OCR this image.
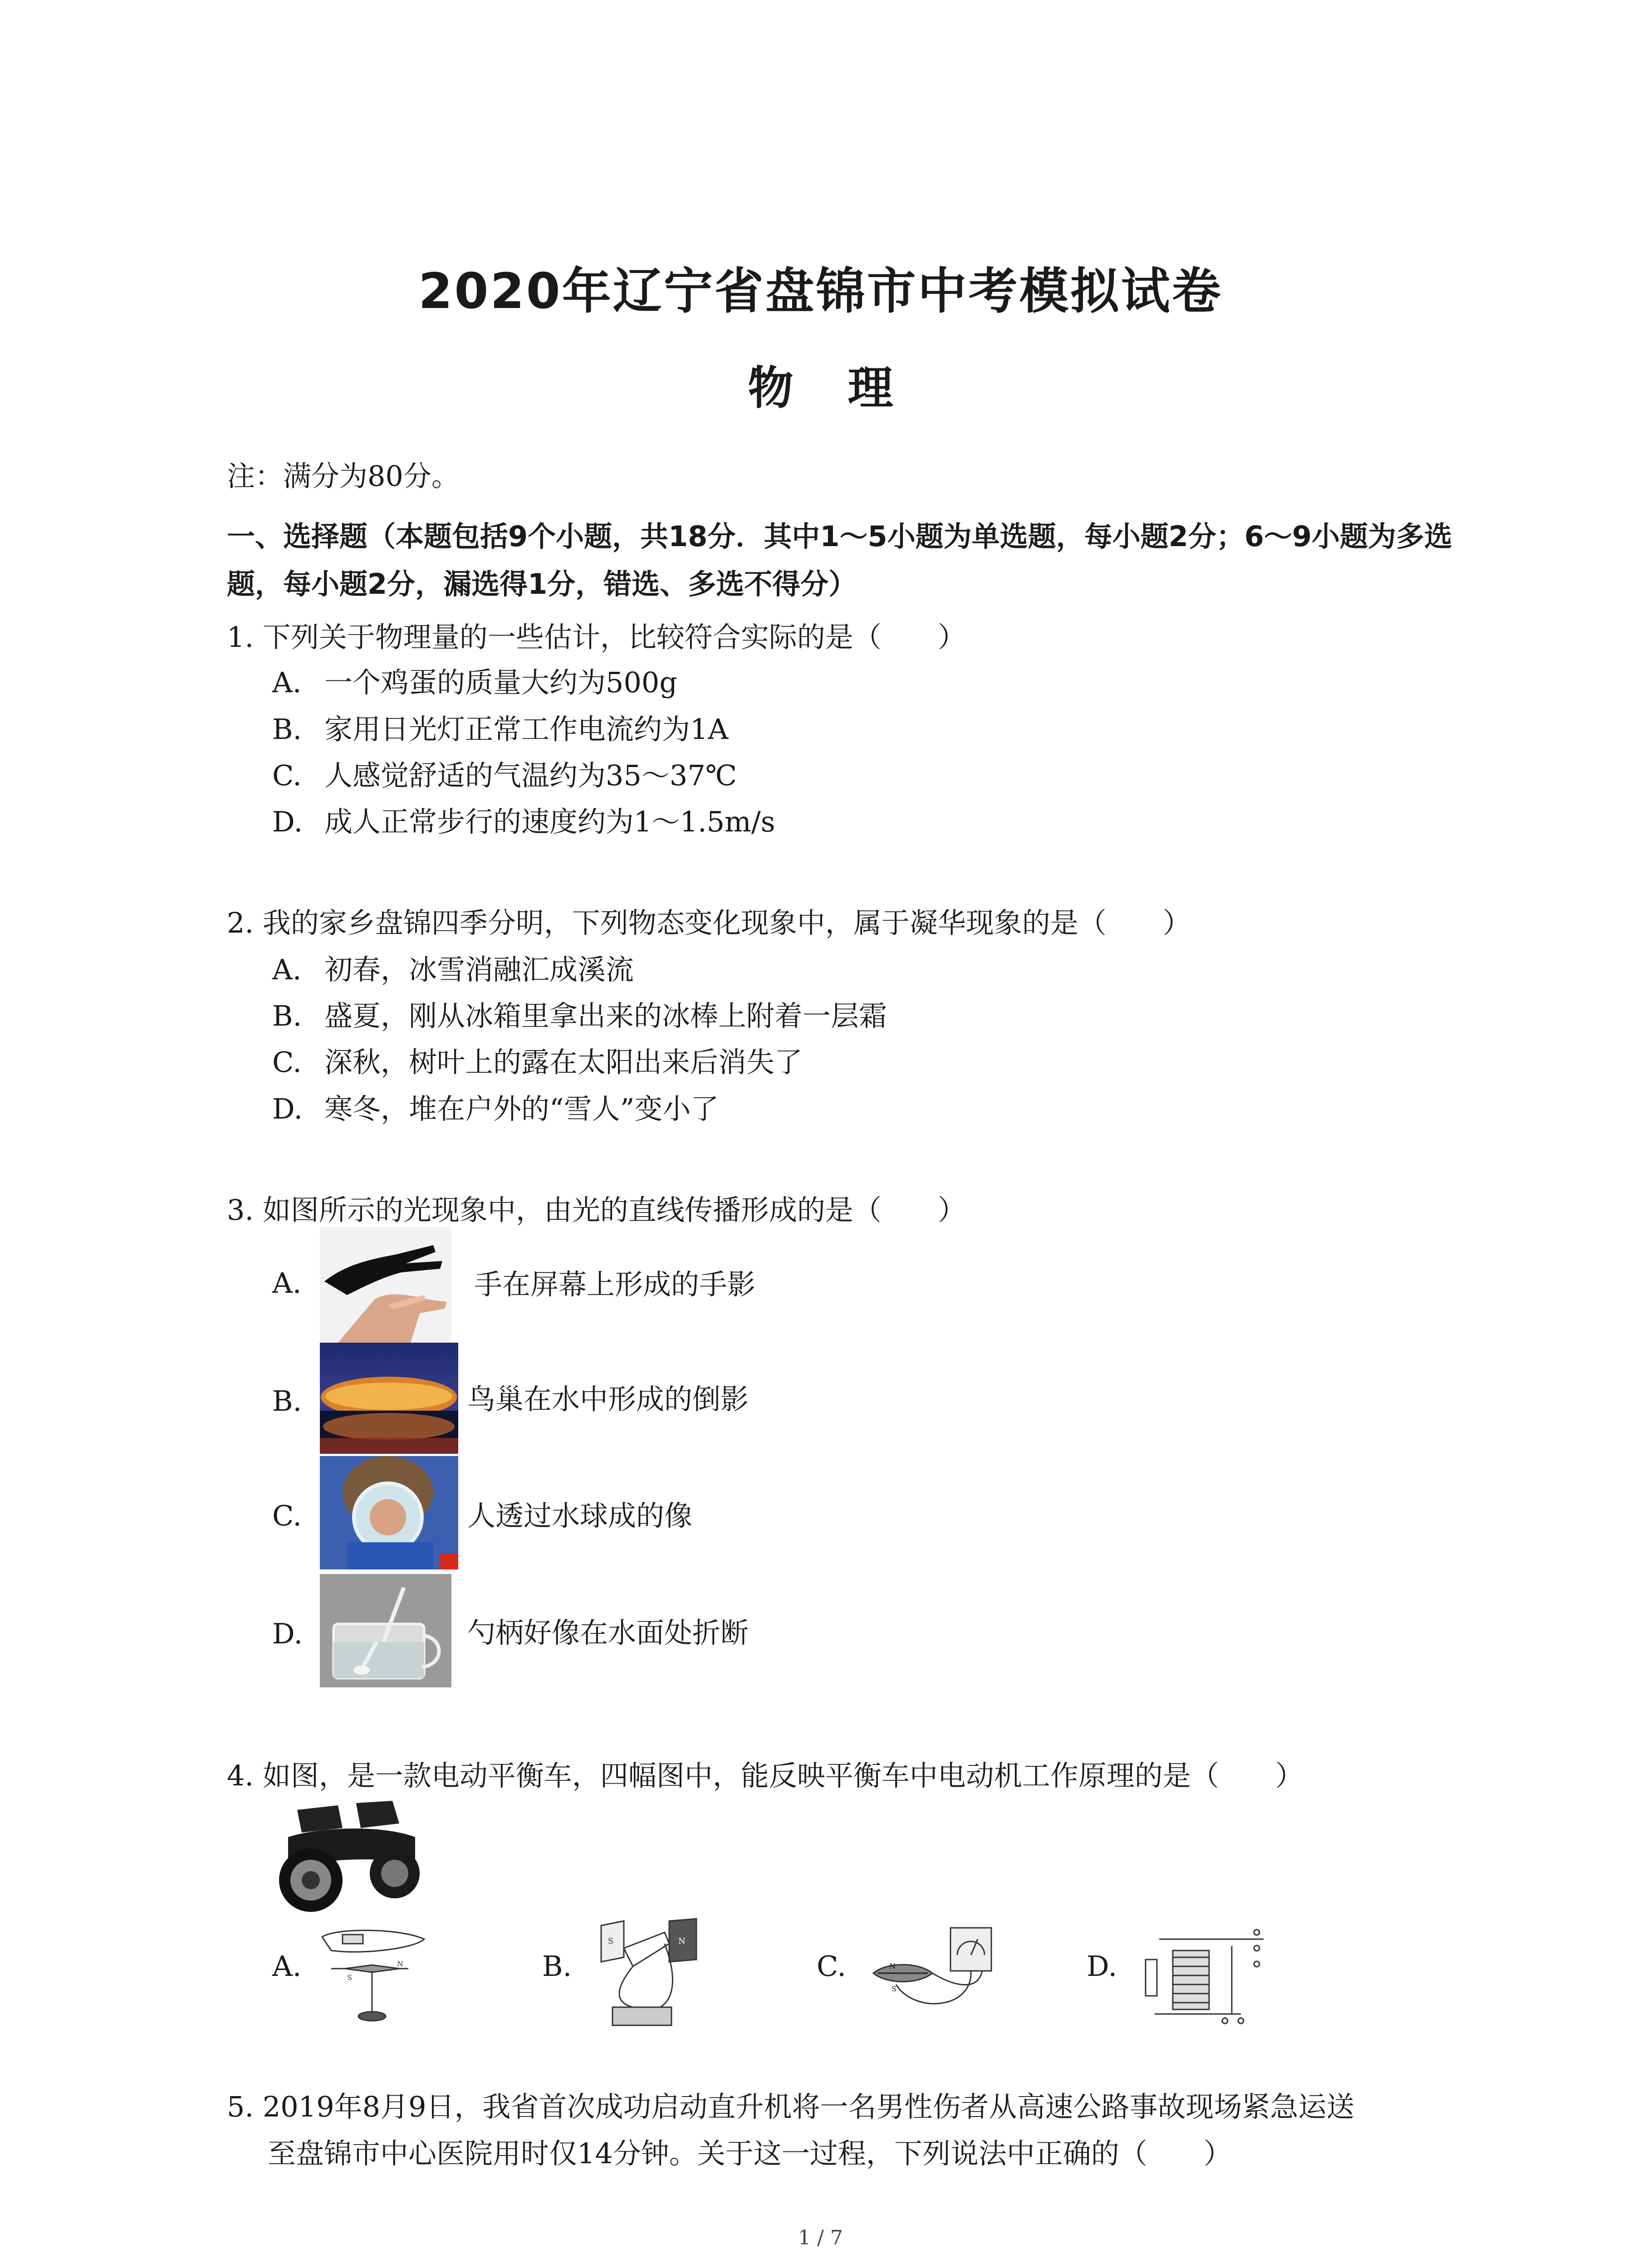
2020年辽宁省盘锦市中考模拟试卷
物理
注：满分为80分。
一、选择题（本题包括9个小题，共18分．其中1～5小题为单选题，每小题2分；6～9小题为多选题，每小题2分，漏选得1分，错选、多选不得分）
1. 下列关于物理量的一些估计，比较符合实际的是（　　）
A. 一个鸡蛋的质量大约为500g
B. 家用日光灯正常工作电流约为1A
C. 人感觉舒适的气温约为35～37℃
D. 成人正常步行的速度约为1～1.5m/s
2. 我的家乡盘锦四季分明，下列物态变化现象中，属于凝华现象的是（　　）
A. 初春，冰雪消融汇成溪流
B. 盛夏，刚从冰箱里拿出来的冰棒上附着一层霜
C. 深秋，树叶上的露在太阳出来后消失了
D. 寒冬，堆在户外的“雪人”变小了
3. 如图所示的光现象中，由光的直线传播形成的是（　　）
A.	手在屏幕上形成的手影
B.	鸟巢在水中形成的倒影
C.	人透过水球成的像
D.	勺柄好像在水面处折断
4. 如图，是一款电动平衡车，四幅图中，能反映平衡车中电动机工作原理的是（　　）
A.	S
N	B.
S	N
C.	N
S
D.
5. 2019年8月9日，我省首次成功启动直升机将一名男性伤者从高速公路事故现场紧急运送
至盘锦市中心医院用时仅14分钟。关于这一过程，下列说法中正确的（　　）
1 / 7
